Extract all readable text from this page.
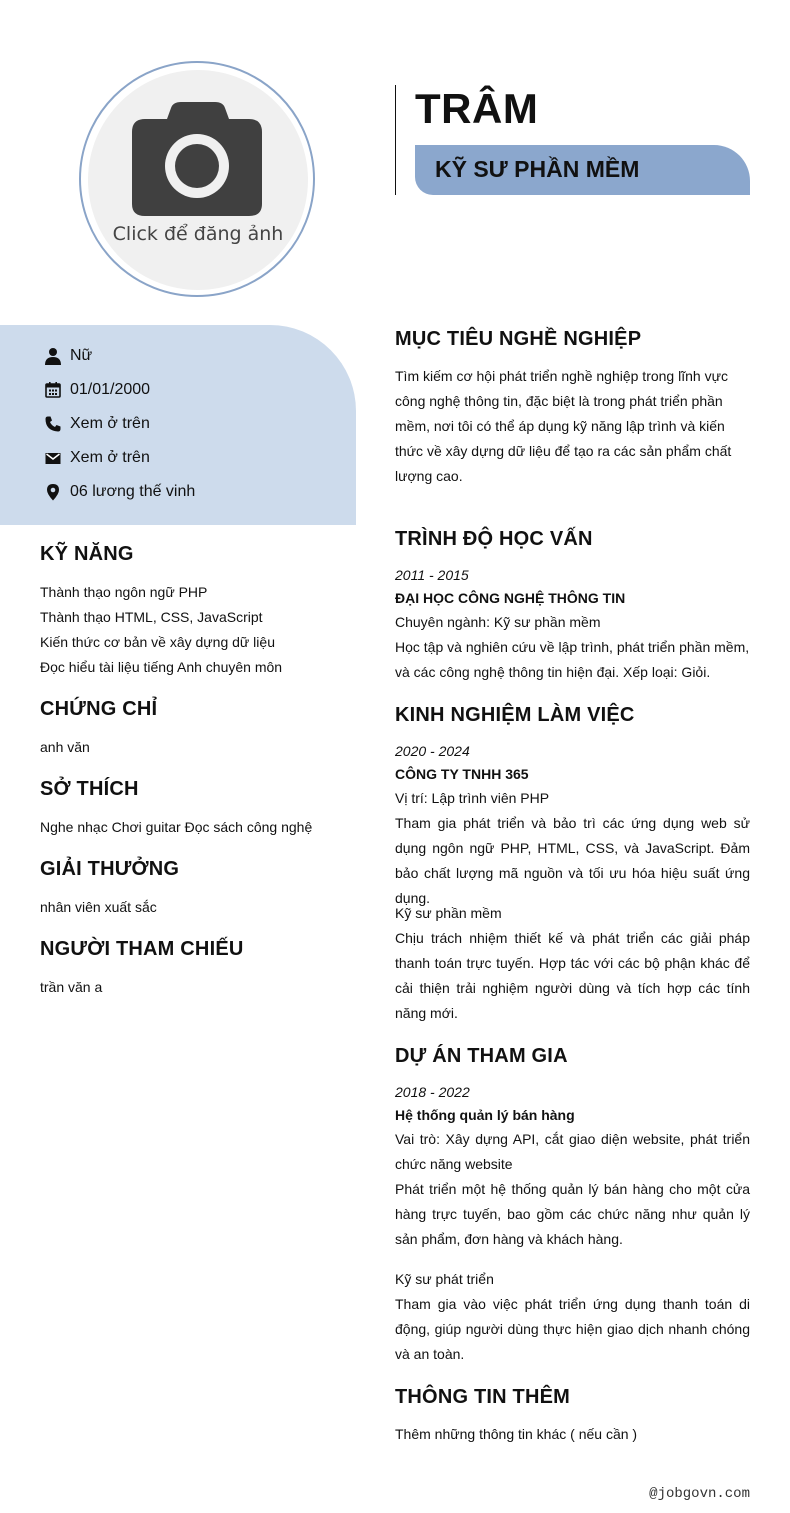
Click để đăng ảnh
TRÂM
KỸ SƯ PHẦN MỀM
Nữ
01/01/2000
Xem ở trên
Xem ở trên
06 lương thế vinh
KỸ NĂNG
Thành thạo ngôn ngữ PHP
Thành thạo HTML, CSS, JavaScript
Kiến thức cơ bản về xây dựng dữ liệu
Đọc hiểu tài liệu tiếng Anh chuyên môn
CHỨNG CHỈ
anh văn
SỞ THÍCH
Nghe nhạc Chơi guitar Đọc sách công nghệ
GIẢI THƯỞNG
nhân viên xuất sắc
NGƯỜI THAM CHIẾU
trần văn a
MỤC TIÊU NGHỀ NGHIỆP

Tìm kiếm cơ hội phát triển nghề nghiệp trong lĩnh vực công nghệ thông tin, đặc biệt là trong phát triển phần mềm, nơi tôi có thể áp dụng kỹ năng lập trình và kiến thức về xây dựng dữ liệu để tạo ra các sản phẩm chất lượng cao.

TRÌNH ĐỘ HỌC VẤN

2011 - 2015

ĐẠI HỌC CÔNG NGHỆ THÔNG TIN

Chuyên ngành: Kỹ sư phần mềm

Học tập và nghiên cứu về lập trình, phát triển phần mềm, và các công nghệ thông tin hiện đại. Xếp loại: Giỏi.

KINH NGHIỆM LÀM VIỆC

2020 - 2024

CÔNG TY TNHH 365

Vị trí: Lập trình viên PHP

Tham gia phát triển và bảo trì các ứng dụng web sử dụng ngôn ngữ PHP, HTML, CSS, và JavaScript. Đảm bảo chất lượng mã nguồn và tối ưu hóa hiệu suất ứng dụng.

Kỹ sư phần mềm

Chịu trách nhiệm thiết kế và phát triển các giải pháp thanh toán trực tuyến. Hợp tác với các bộ phận khác để cải thiện trải nghiệm người dùng và tích hợp các tính năng mới.

DỰ ÁN THAM GIA

2018 - 2022

Hệ thống quản lý bán hàng

Vai trò: Xây dựng API, cắt giao diện website, phát triển chức năng website

Phát triển một hệ thống quản lý bán hàng cho một cửa hàng trực tuyến, bao gồm các chức năng như quản lý sản phẩm, đơn hàng và khách hàng.

Kỹ sư phát triển

Tham gia vào việc phát triển ứng dụng thanh toán di động, giúp người dùng thực hiện giao dịch nhanh chóng và an toàn.

THÔNG TIN THÊM

Thêm những thông tin khác ( nếu cần )

@jobgovn.com
